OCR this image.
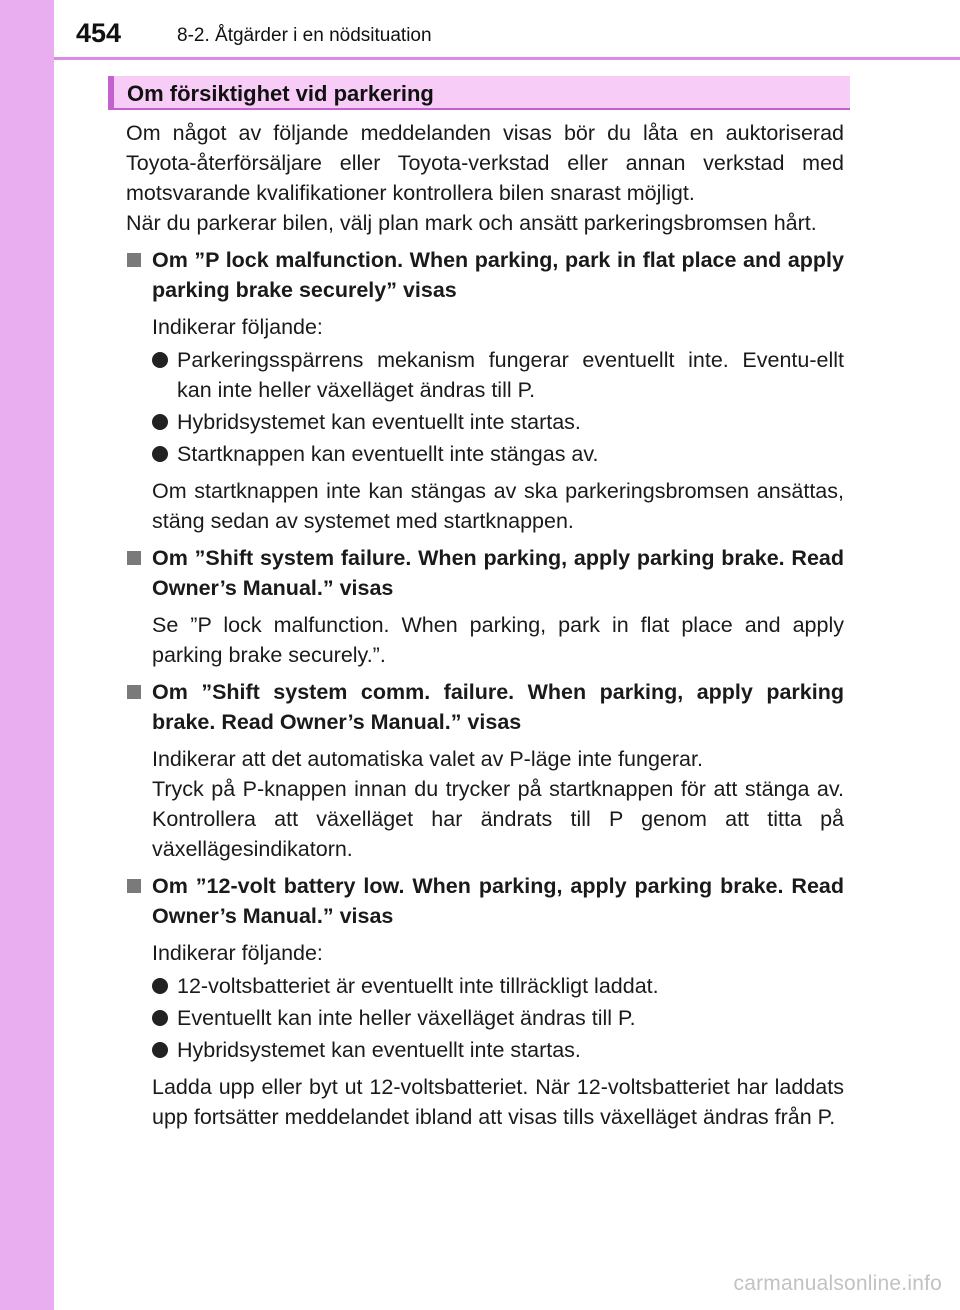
454	8-2. Åtgärder i en nödsituation
Om försiktighet vid parkering

Om något av följande meddelanden visas bör du låta en auktoriserad Toyota-återförsäljare eller Toyota-verkstad eller annan verkstad med motsvarande kvalifikationer kontrollera bilen snarast möjligt.

När du parkerar bilen, välj plan mark och ansätt parkeringsbromsen hårt.

Om ”P lock malfunction. When parking, park in flat place and apply parking brake securely” visas

Indikerar följande:

Parkeringsspärrens mekanism fungerar eventuellt inte. Eventu-ellt kan inte heller växelläget ändras till P.
Hybridsystemet kan eventuellt inte startas.
Startknappen kan eventuellt inte stängas av.

Om startknappen inte kan stängas av ska parkeringsbromsen ansättas, stäng sedan av systemet med startknappen.

Om ”Shift system failure. When parking, apply parking brake. Read Owner’s Manual.” visas

Se ”P lock malfunction. When parking, park in flat place and apply parking brake securely.”.

Om ”Shift system comm. failure. When parking, apply parking brake. Read Owner’s Manual.” visas

Indikerar att det automatiska valet av P-läge inte fungerar.

Tryck på P-knappen innan du trycker på startknappen för att stänga av. Kontrollera att växelläget har ändrats till P genom att titta på växellägesindikatorn.

Om ”12-volt battery low. When parking, apply parking brake. Read Owner’s Manual.” visas

Indikerar följande:

12-voltsbatteriet är eventuellt inte tillräckligt laddat.
Eventuellt kan inte heller växelläget ändras till P.
Hybridsystemet kan eventuellt inte startas.

Ladda upp eller byt ut 12-voltsbatteriet. När 12-voltsbatteriet har laddats upp fortsätter meddelandet ibland att visas tills växelläget ändras från P.

carmanualsonline.info
